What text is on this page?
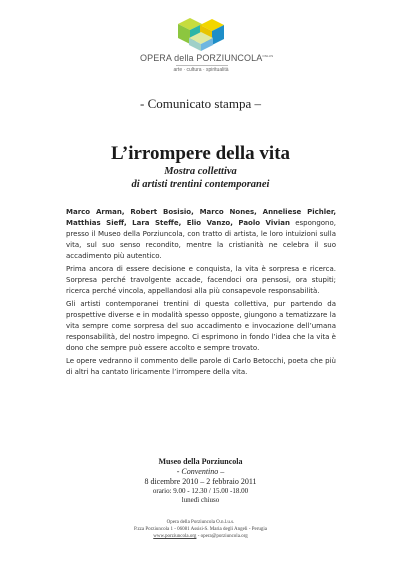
OPERA della $PORZIUNCOLA^{ONLUS}$
arte · cultura · spiritualità
- Comunicato stampa –
L’irrompere della vita
Mostra collettiva
di artisti trentini contemporanei

Marco Arman, Robert Bosisio, Marco Nones, Anneliese Pichler, Matthias Sieff, Lara Steffe, Elio Vanzo, Paolo Vivian espongono, presso il Museo della Porziuncola, con tratto di artista, le loro intuizioni sulla vita, sul suo senso recondito, mentre la cristianità ne celebra il suo accadimento più autentico.

Prima ancora di essere decisione e conquista, la vita è sorpresa e ricerca. Sorpresa perché travolgente accade, facendoci ora pensosi, ora stupiti; ricerca perché vincola, appellandosi alla più consapevole responsabilità.

Gli artisti contemporanei trentini di questa collettiva, pur partendo da prospettive diverse e in modalità spesso opposte, giungono a tematizzare la vita sempre come sorpresa del suo accadimento e invocazione dell’umana responsabilità, del nostro impegno. Ci esprimono in fondo l’idea che la vita è dono che sempre può essere accolto e sempre trovato.

Le opere vedranno il commento delle parole di Carlo Betocchi, poeta che più di altri ha cantato liricamente l’irrompere della vita.

Museo della Porziuncola
- Conventino –
8 dicembre 2010 – 2 febbraio 2011
orario: 9.00 - 12.30 / 15.00 -18.00
lunedì chiuso
Opera della Porziuncola O.n.l.u.s.
P.zza Porziuncola 1 - 06081 Assisi-S. Maria degli Angeli - Perugia
www.porziuncola.org - opera@porziuncola.org
